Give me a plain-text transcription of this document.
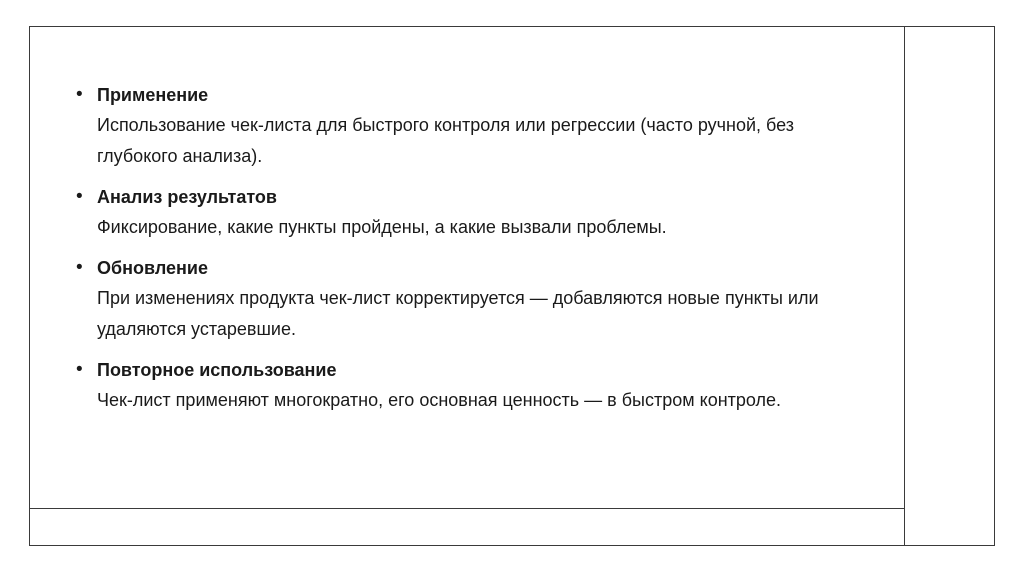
• Применение
Использование чек-листа для быстрого контроля или регрессии (часто ручной, без глубокого анализа).
• Анализ результатов
Фиксирование, какие пункты пройдены, а какие вызвали проблемы.
• Обновление
При изменениях продукта чек-лист корректируется — добавляются новые пункты или удаляются устаревшие.
• Повторное использование
Чек-лист применяют многократно, его основная ценность — в быстром контроле.
